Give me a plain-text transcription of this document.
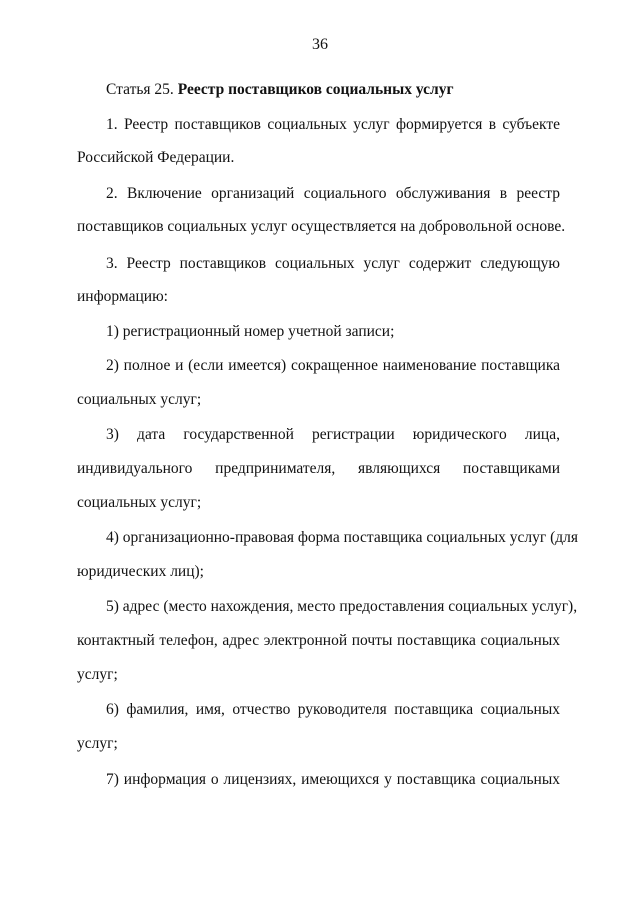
36
Статья 25. Реестр поставщиков социальных услуг
1. Реестр поставщиков социальных услуг формируется в субъекте
Российской Федерации.
2. Включение организаций социального обслуживания в реестр
поставщиков социальных услуг осуществляется на добровольной основе.
3. Реестр поставщиков социальных услуг содержит следующую
информацию:
1) регистрационный номер учетной записи;
2) полное и (если имеется) сокращенное наименование поставщика
социальных услуг;
3) дата государственной регистрации юридического лица,
индивидуального предпринимателя, являющихся поставщиками
социальных услуг;
4) организационно-правовая форма поставщика социальных услуг (для
юридических лиц);
5) адрес (место нахождения, место предоставления социальных услуг),
контактный телефон, адрес электронной почты поставщика социальных
услуг;
6) фамилия, имя, отчество руководителя поставщика социальных
услуг;
7) информация о лицензиях, имеющихся у поставщика социальных
